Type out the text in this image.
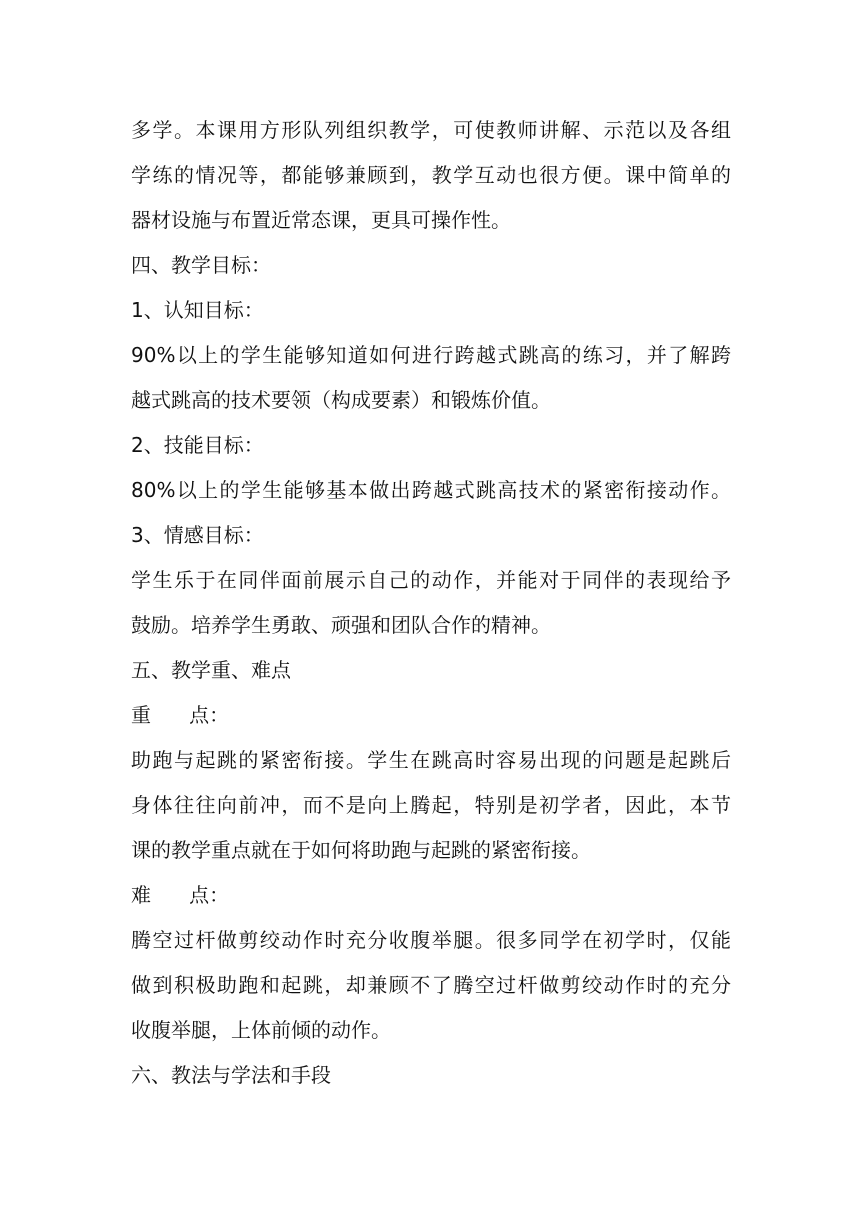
多学。本课用方形队列组织教学，可使教师讲解、示范以及各组
学练的情况等，都能够兼顾到，教学互动也很方便。课中简单的
器材设施与布置近常态课，更具可操作性。
四、教学目标：
1、认知目标：
90%以上的学生能够知道如何进行跨越式跳高的练习，并了解跨
越式跳高的技术要领（构成要素）和锻炼价值。
2、技能目标：
80%以上的学生能够基本做出跨越式跳高技术的紧密衔接动作。
3、情感目标：
学生乐于在同伴面前展示自己的动作，并能对于同伴的表现给予
鼓励。培养学生勇敢、顽强和团队合作的精神。
五、教学重、难点
重      点：
助跑与起跳的紧密衔接。学生在跳高时容易出现的问题是起跳后
身体往往向前冲，而不是向上腾起，特别是初学者，因此，本节
课的教学重点就在于如何将助跑与起跳的紧密衔接。
难      点：
腾空过杆做剪绞动作时充分收腹举腿。很多同学在初学时，仅能
做到积极助跑和起跳，却兼顾不了腾空过杆做剪绞动作时的充分
收腹举腿，上体前倾的动作。
六、教法与学法和手段
